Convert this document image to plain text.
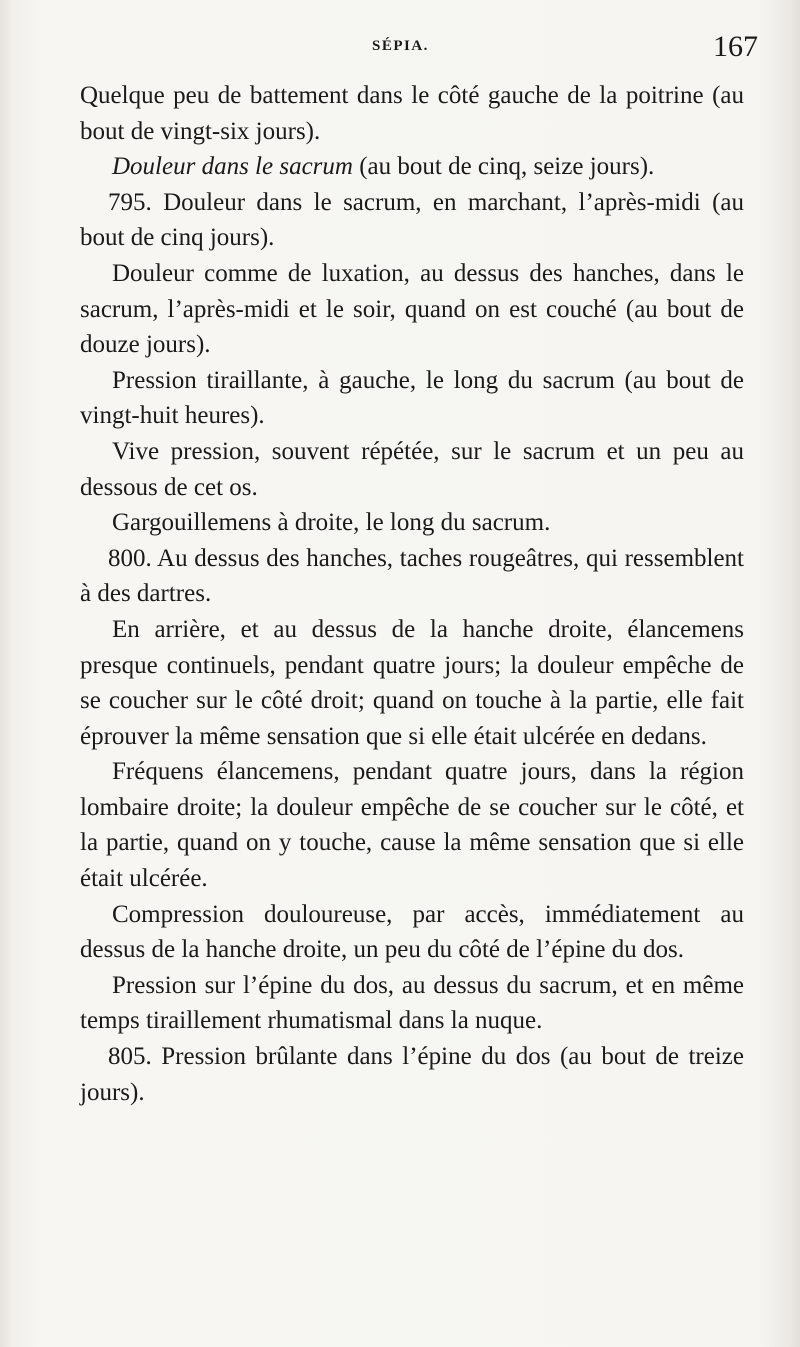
SÉPIA.	167

Quelque peu de battement dans le côté gauche de la poitrine (au bout de vingt-six jours).

Douleur dans le sacrum (au bout de cinq, seize jours).

795. Douleur dans le sacrum, en marchant, l’après-midi (au bout de cinq jours).

Douleur comme de luxation, au dessus des hanches, dans le sacrum, l’après-midi et le soir, quand on est couché (au bout de douze jours).

Pression tiraillante, à gauche, le long du sacrum (au bout de vingt-huit heures).

Vive pression, souvent répétée, sur le sacrum et un peu au dessous de cet os.

Gargouillemens à droite, le long du sacrum.

800. Au dessus des hanches, taches rougeâtres, qui ressemblent à des dartres.

En arrière, et au dessus de la hanche droite, élancemens presque continuels, pendant quatre jours; la douleur empêche de se coucher sur le côté droit; quand on touche à la partie, elle fait éprouver la même sensation que si elle était ulcérée en dedans.

Fréquens élancemens, pendant quatre jours, dans la région lombaire droite; la douleur empêche de se coucher sur le côté, et la partie, quand on y touche, cause la même sensation que si elle était ulcérée.

Compression douloureuse, par accès, immédiatement au dessus de la hanche droite, un peu du côté de l’épine du dos.

Pression sur l’épine du dos, au dessus du sacrum, et en même temps tiraillement rhumatismal dans la nuque.

805. Pression brûlante dans l’épine du dos (au bout de treize jours).
